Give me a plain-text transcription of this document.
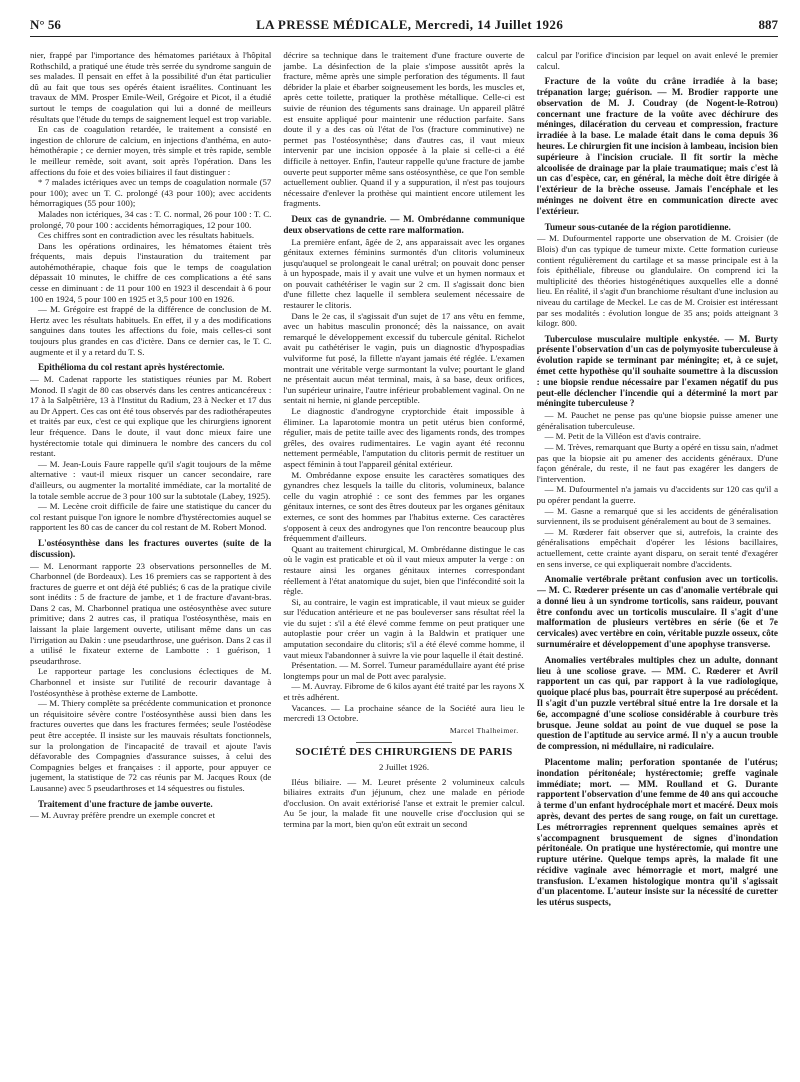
N° 56	LA PRESSE MÉDICALE, Mercredi, 14 Juillet 1926	887

nier, frappé par l'importance des hématomes pariétaux à l'hôpital Rothschild, a pratiqué une étude très serrée du syndrome sanguin de ses malades. Il pensait en effet à la possibilité d'un état particulier dû au fait que tous ses opérés étaient israélites. Continuant les travaux de MM. Prosper Emile-Weil, Grégoire et Picot, il a étudié surtout le temps de coagulation qui lui a donné de meilleurs résultats que l'étude du temps de saignement lequel est trop variable.

En cas de coagulation retardée, le traitement a consisté en ingestion de chlorure de calcium, en injections d'anthéma, en auto-hémothérapie ; ce dernier moyen, très simple et très rapide, semble le meilleur remède, soit avant, soit après l'opération. Dans les affections du foie et des voies biliaires il faut distinguer :

* 7 malades ictériques avec un temps de coagulation normale (57 pour 100); avec un T. C. prolongé (43 pour 100); avec accidents hémorragiques (55 pour 100);

Malades non ictériques, 34 cas : T. C. normal, 26 pour 100 : T. C. prolongé, 70 pour 100 : accidents hémorragiques, 12 pour 100.

Ces chiffres sont en contradiction avec les résultats habituels.

Dans les opérations ordinaires, les hématomes étaient très fréquents, mais depuis l'instauration du traitement par autohémothérapie, chaque fois que le temps de coagulation dépassait 10 minutes, le chiffre de ces complications a été sans cesse en diminuant : de 11 pour 100 en 1923 il descendait à 6 pour 100 en 1924, 5 pour 100 en 1925 et 3,5 pour 100 en 1926.

— M. Grégoire est frappé de la différence de conclusion de M. Hertz avec les résultats habituels. En effet, il y a des modifications sanguines dans toutes les affections du foie, mais celles-ci sont toujours plus grandes en cas d'ictère. Dans ce dernier cas, le T. C. augmente et il y a retard du T. S.

Epithélioma du col restant après hystérectomie.

— M. Cadenat rapporte les statistiques réunies par M. Robert Monod. Il s'agit de 80 cas observés dans les centres anticancéreux : 17 à la Salpêtrière, 13 à l'Institut du Radium, 23 à Necker et 17 dus au Dr Appert. Ces cas ont été tous observés par des radiothérapeutes et traités par eux, c'est ce qui explique que les chirurgiens ignorent leur fréquence. Dans le doute, il vaut donc mieux faire une hystérectomie totale qui diminuera le nombre des cancers du col restant.

— M. Jean-Louis Faure rappelle qu'il s'agit toujours de la même alternative : vaut-il mieux risquer un cancer secondaire, rare d'ailleurs, ou augmenter la mortalité immédiate, car la mortalité de la totale semble accrue de 3 pour 100 sur la subtotale (Labey, 1925).

— M. Lecène croit difficile de faire une statistique du cancer du col restant puisque l'on ignore le nombre d'hystérectomies auquel se rapportent les 80 cas de cancer du col restant de M. Robert Monod.

L'ostéosynthèse dans les fractures ouvertes (suite de la discussion).

— M. Lenormant rapporte 23 observations personnelles de M. Charbonnel (de Bordeaux). Les 16 premiers cas se rapportent à des fractures de guerre et ont déjà été publiés; 6 cas de la pratique civile sont inédits : 5 de fracture de jambe, et 1 de fracture d'avant-bras. Dans 2 cas, M. Charbonnel pratiqua une ostéosynthèse avec suture primitive; dans 2 autres cas, il pratiqua l'ostéosynthèse, mais en laissant la plaie largement ouverte, utilisant même dans un cas l'irrigation au Dakin : une pseudarthrose, une guérison. Dans 2 cas il a utilisé le fixateur externe de Lambotte : 1 guérison, 1 pseudarthrose.

Le rapporteur partage les conclusions éclectiques de M. Charbonnel et insiste sur l'utilité de recourir davantage à l'ostéosynthèse à prothèse externe de Lambotte.

— M. Thiery complète sa précédente communication et prononce un réquisitoire sévère contre l'ostéosynthèse aussi bien dans les fractures ouvertes que dans les fractures fermées; seule l'ostéodèse peut être acceptée. Il insiste sur les mauvais résultats fonctionnels, sur la prolongation de l'incapacité de travail et ajoute l'avis défavorable des Compagnies d'assurance suisses, à celui des Compagnies belges et françaises : il apporte, pour appuyer ce jugement, la statistique de 72 cas réunis par M. Jacques Roux (de Lausanne) avec 5 pseudarthroses et 14 séquestres ou fistules.

Traitement d'une fracture de jambe ouverte.

— M. Auvray préfère prendre un exemple concret et

décrire sa technique dans le traitement d'une fracture ouverte de jambe. La désinfection de la plaie s'impose aussitôt après la fracture, même après une simple perforation des téguments. Il faut débrider la plaie et ébarber soigneusement les bords, les muscles et, après cette toilette, pratiquer la prothèse métallique. Celle-ci est suivie de réunion des téguments sans drainage. Un appareil plâtré est ensuite appliqué pour maintenir une réduction parfaite. Sans doute il y a des cas où l'état de l'os (fracture comminutive) ne permet pas l'ostéosynthèse; dans d'autres cas, il vaut mieux intervenir par une incision opposée à la plaie si celle-ci a été difficile à nettoyer. Enfin, l'auteur rappelle qu'une fracture de jambe ouverte peut supporter même sans ostéosynthèse, ce que l'on semble actuellement oublier. Quand il y a suppuration, il n'est pas toujours nécessaire d'enlever la prothèse qui maintient encore utilement les fragments.

Deux cas de gynandrie. — M. Ombrédanne communique deux observations de cette rare malformation.

La première enfant, âgée de 2, ans apparaissait avec les organes génitaux externes féminins surmontés d'un clitoris volumineux jusqu'auquel se prolongeait le canal urétral; on pouvait donc penser à un hypospade, mais il y avait une vulve et un hymen normaux et on pouvait cathétériser le vagin sur 2 cm. Il s'agissait donc bien d'une fillette chez laquelle il semblera seulement nécessaire de restaurer le clitoris.

Dans le 2e cas, il s'agissait d'un sujet de 17 ans vêtu en femme, avec un habitus masculin prononcé; dès la naissance, on avait remarqué le développement excessif du tubercule génital. Richelot avait pu cathétériser le vagin, puis un diagnostic d'hypospadias vulviforme fut posé, la fillette n'ayant jamais été réglée. L'examen montrait une véritable verge surmontant la vulve; pourtant le gland ne présentait aucun méat terminal, mais, à sa base, deux orifices, l'un supérieur urinaire, l'autre inférieur probablement vaginal. On ne sentait ni hernie, ni glande perceptible.

Le diagnostic d'androgyne cryptorchide était impossible à éliminer. La laparotomie montra un petit utérus bien conformé, régulier, mais de petite taille avec des ligaments ronds, des trompes grêles, des ovaires rudimentaires. Le vagin ayant été reconnu nettement perméable, l'amputation du clitoris permit de restituer un aspect féminin à tout l'appareil génital extérieur.

M. Ombrédanne expose ensuite les caractères somatiques des gynandres chez lesquels la taille du clitoris, volumineux, balance celle du vagin atrophié : ce sont des femmes par les organes génitaux internes, ce sont des êtres douteux par les organes génitaux externes, ce sont des hommes par l'habitus externe. Ces caractères s'opposent à ceux des androgynes que l'on rencontre beaucoup plus fréquemment d'ailleurs.

Quant au traitement chirurgical, M. Ombrédanne distingue le cas où le vagin est praticable et où il vaut mieux amputer la verge : on restaure ainsi les organes génitaux internes correspondant réellement à l'état anatomique du sujet, bien que l'infécondité soit la règle.

Si, au contraire, le vagin est impraticable, il vaut mieux se guider sur l'éducation antérieure et ne pas bouleverser sans résultat réel la vie du sujet : s'il a été élevé comme femme on peut pratiquer une autoplastie pour créer un vagin à la Baldwin et pratiquer une amputation secondaire du clitoris; s'il a été élevé comme homme, il vaut mieux l'abandonner à suivre la vie pour laquelle il était destiné.

Présentation. — M. Sorrel. Tumeur paramédullaire ayant été prise longtemps pour un mal de Pott avec paralysie.

— M. Auvray. Fibrome de 6 kilos ayant été traité par les rayons X et très adhérent.

Vacances. — La prochaine séance de la Société aura lieu le mercredi 13 Octobre.

Marcel Thalheimer.
SOCIÉTÉ DES CHIRURGIENS DE PARIS
2 Juillet 1926.

Iléus biliaire. — M. Leuret présente 2 volumineux calculs biliaires extraits d'un jéjunum, chez une malade en période d'occlusion. On avait extériorisé l'anse et extrait le premier calcul. Au 5e jour, la malade fit une nouvelle crise d'occlusion qui se termina par la mort, bien qu'on eût extrait un second

calcul par l'orifice d'incision par lequel on avait enlevé le premier calcul.

Fracture de la voûte du crâne irradiée à la base; trépanation large; guérison. — M. Brodier rapporte une observation de M. J. Coudray (de Nogent-le-Rotrou) concernant une fracture de la voûte avec déchirure des méninges, dilacération du cerveau et compression, fracture irradiée à la base. Le malade était dans le coma depuis 36 heures. Le chirurgien fit une incision à lambeau, incision bien supérieure à l'incision cruciale. Il fit sortir la mèche alcoolisée de drainage par la plaie traumatique; mais c'est là un cas d'espèce, car, en général, la mèche doit être dirigée à l'extérieur de la brèche osseuse. Jamais l'encéphale et les méninges ne doivent être en communication directe avec l'extérieur.
Tumeur sous-cutanée de la région parotidienne.

— M. Dufourmentel rapporte une observation de M. Croisier (de Blois) d'un cas typique de tumeur mixte. Cette formation curieuse contient régulièrement du cartilage et sa masse principale est à la fois épithéliale, fibreuse ou glandulaire. On comprend ici la multiplicité des théories histogénétiques auxquelles elle a donné lieu. En réalité, il s'agit d'un branchiome résultant d'une inclusion au niveau du cartilage de Meckel. Le cas de M. Croisier est intéressant par ses modalités : évolution longue de 35 ans; poids atteignant 3 kilogr. 800.

Tuberculose musculaire multiple enkystée. — M. Burty présente l'observation d'un cas de polymyosite tuberculeuse à évolution rapide se terminant par méningite; et, à ce sujet, émet cette hypothèse qu'il souhaite soumettre à la discussion : une biopsie rendue nécessaire par l'examen négatif du pus peut-elle déclencher l'incendie qui a déterminé la mort par méningite tuberculeuse ?

— M. Pauchet ne pense pas qu'une biopsie puisse amener une généralisation tuberculeuse.

— M. Petit de la Villéon est d'avis contraire.

— M. Trèves, remarquant que Burty a opéré en tissu sain, n'admet pas que la biopsie ait pu amener des accidents généraux. D'une façon générale, du reste, il ne faut pas exagérer les dangers de l'intervention.

— M. Dufourmentel n'a jamais vu d'accidents sur 120 cas qu'il a pu opérer pendant la guerre.

— M. Gasne a remarqué que si les accidents de généralisation surviennent, ils se produisent généralement au bout de 3 semaines.

— M. Rœderer fait observer que si, autrefois, la crainte des généralisations empêchait d'opérer les lésions bacillaires, actuellement, cette crainte ayant disparu, on serait tenté d'exagérer en sens inverse, ce qui expliquerait nombre d'accidents.

Anomalie vertébrale prêtant confusion avec un torticolis. — M. C. Rœderer présente un cas d'anomalie vertébrale qui a donné lieu à un syndrome torticolis, sans raideur, pouvant être confondu avec un torticolis musculaire. Il s'agit d'une malformation de plusieurs vertèbres en série (6e et 7e cervicales) avec vertèbre en coin, véritable puzzle osseux, côte surnuméraire et développement d'une apophyse transverse.
Anomalies vertébrales multiples chez un adulte, donnant lieu à une scoliose grave. — MM. C. Rœderer et Avril rapportent un cas qui, par rapport à la vue radiologique, quoique placé plus bas, pourrait être superposé au précédent. Il s'agit d'un puzzle vertébral situé entre la 1re dorsale et la 6e, accompagné d'une scoliose considérable à courbure très brusque. Jeune soldat au point de vue duquel se pose la question de l'aptitude au service armé. Il n'y a aucun trouble de compression, ni médullaire, ni radiculaire.
Placentome malin; perforation spontanée de l'utérus; inondation péritonéale; hystérectomie; greffe vaginale immédiate; mort. — MM. Roulland et G. Durante rapportent l'observation d'une femme de 40 ans qui accouche à terme d'un enfant hydrocéphale mort et macéré. Deux mois après, devant des pertes de sang rouge, on fait un curettage. Les métrorragies reprennent quelques semaines après et s'accompagnent brusquement de signes d'inondation péritonéale. On pratique une hystérectomie, qui montre une rupture utérine. Quelque temps après, la malade fit une récidive vaginale avec hémorragie et mort, malgré une transfusion. L'examen histologique montra qu'il s'agissait d'un placentome. L'auteur insiste sur la nécessité de curetter les utérus suspects,
